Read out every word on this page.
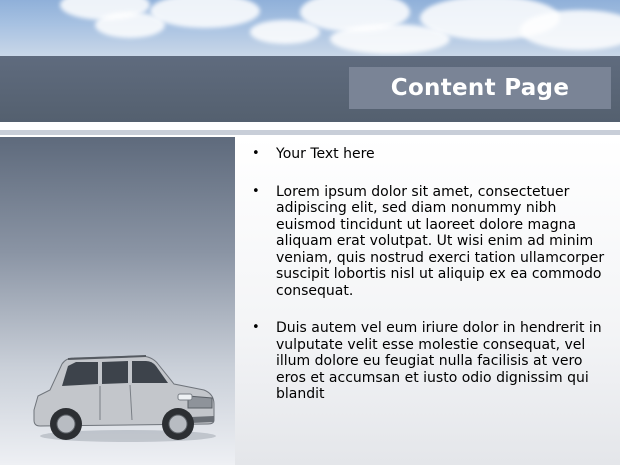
Content Page
•	Your Text here
•	Lorem ipsum dolor sit amet, consectetuer adipiscing elit, sed diam nonummy nibh euismod tincidunt ut laoreet dolore magna aliquam erat volutpat. Ut wisi enim ad minim veniam, quis nostrud exerci tation ullamcorper suscipit lobortis nisl ut aliquip ex ea commodo consequat.
•	Duis autem vel eum iriure dolor in hendrerit in vulputate velit esse molestie consequat, vel illum dolore eu feugiat nulla facilisis at vero eros et accumsan et iusto odio dignissim qui blandit
